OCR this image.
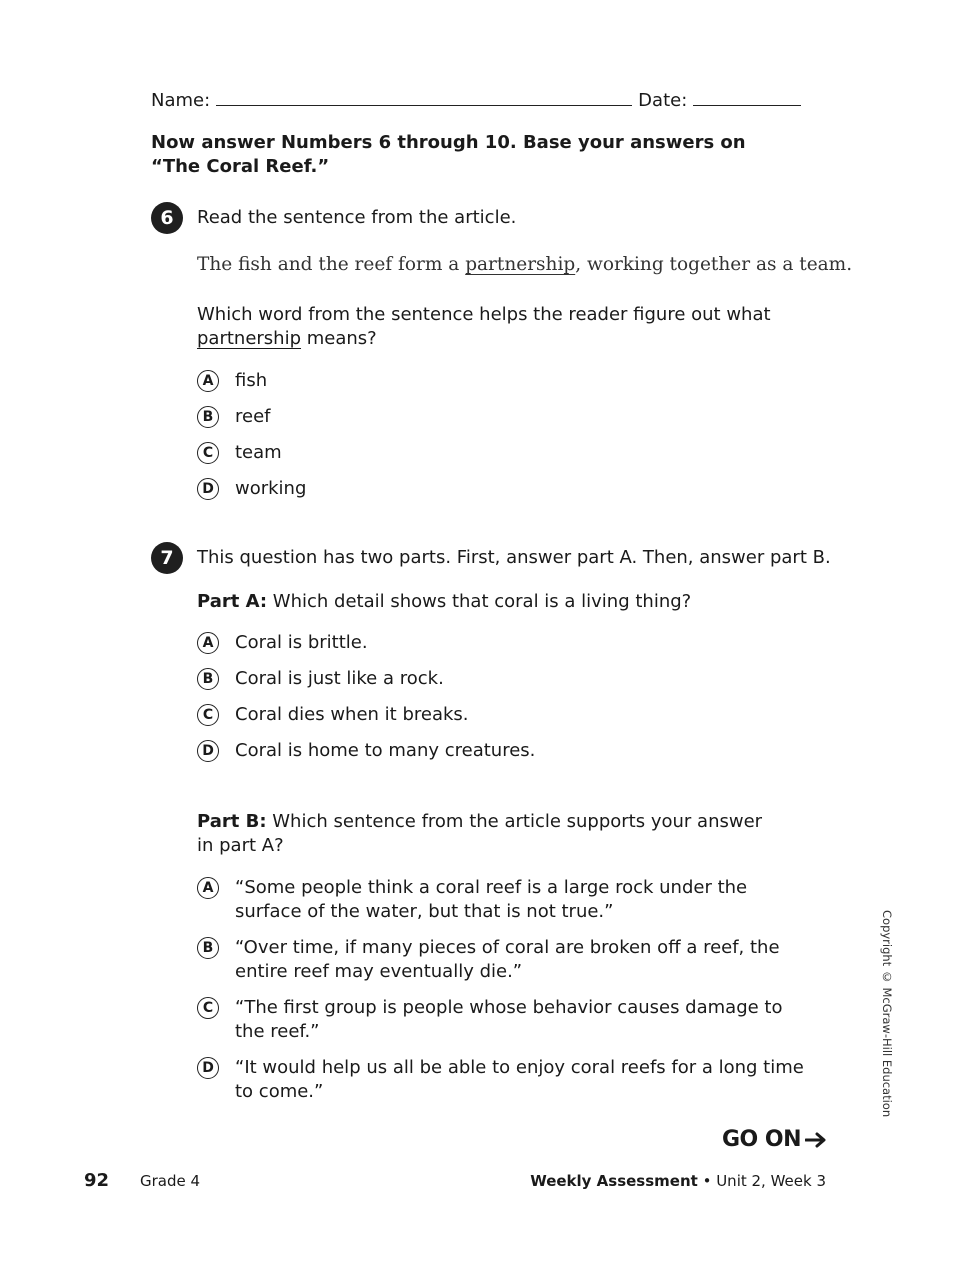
Name:	Date:
Now answer Numbers 6 through 10. Base your answers on “The Coral Reef.”
6	Read the sentence from the article.
The fish and the reef form a partnership, working together as a team.
Which word from the sentence helps the reader figure out what partnership means?
A	fish
B	reef
C	team
D working
7	This question has two parts. First, answer part A. Then, answer part B.
Part A: Which detail shows that coral is a living thing?
A	Coral is brittle.
B	Coral is just like a rock.
C	Coral dies when it breaks.
D Coral is home to many creatures.
Part B: Which sentence from the article supports your answer in part A?
A	“Some people think a coral reef is a large rock under the surface of the water, but that is not true.”
B	“Over time, if many pieces of coral are broken off a reef, the entire reef may eventually die.”
C	“The first group is people whose behavior causes damage to the reef.”
D “It would help us all be able to enjoy coral reefs for a long time to come.”
GO ON
92 Grade 4	Weekly Assessment • Unit 2, Week 3
Copyright © McGraw-Hill Education
